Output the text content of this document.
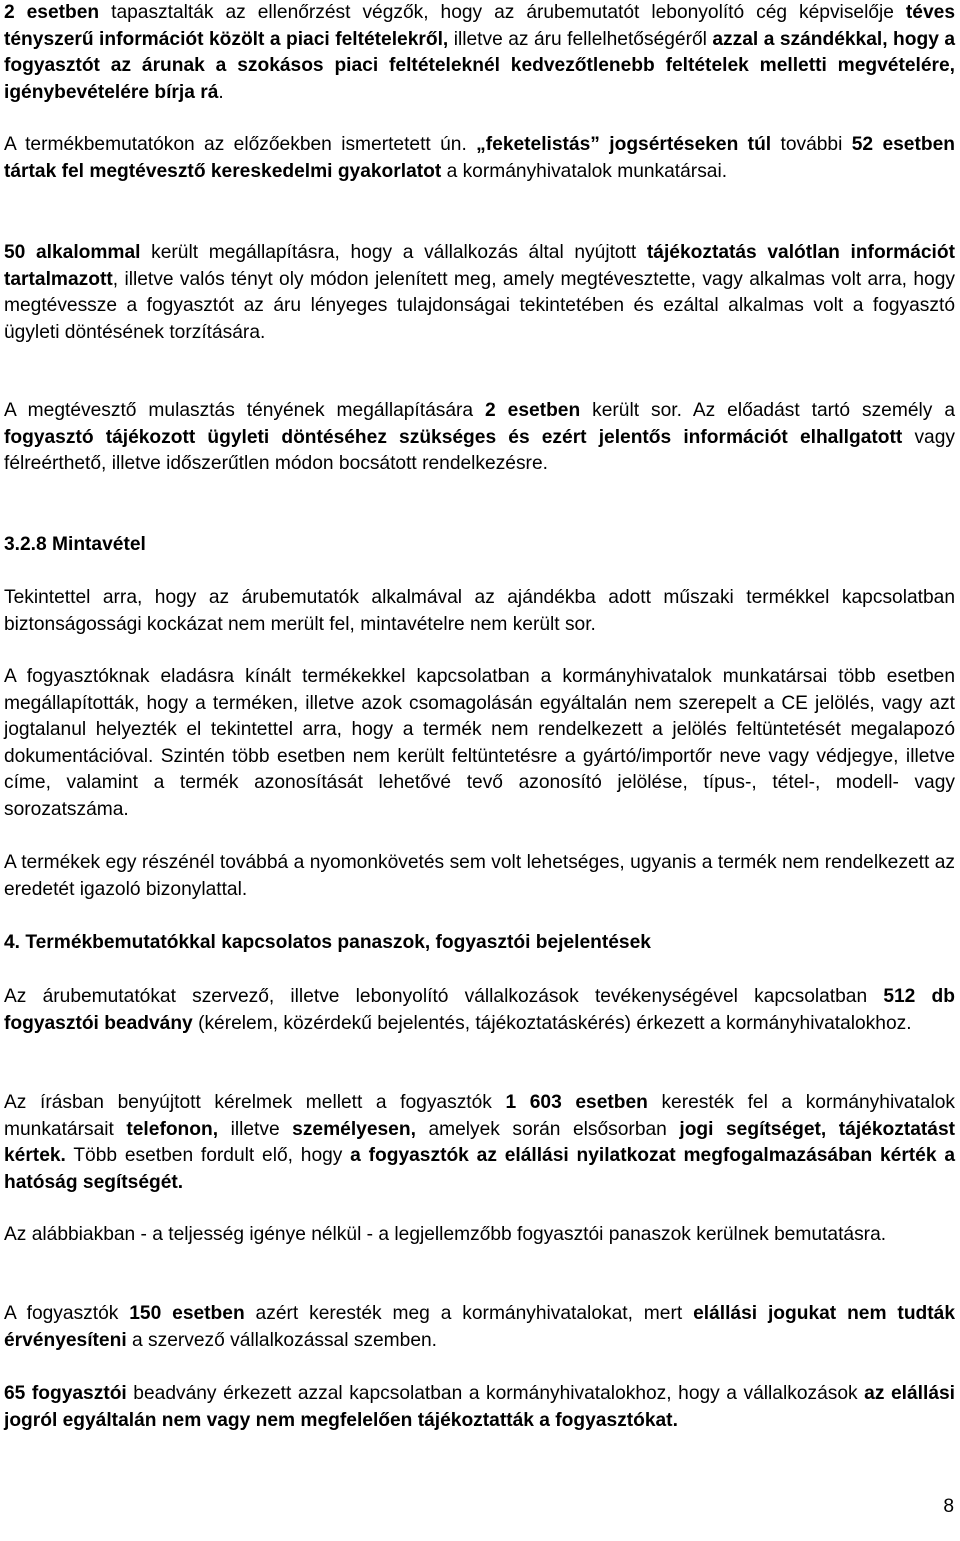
2 esetben tapasztalták az ellenőrzést végzők, hogy az árubemutatót lebonyolító cég képviselője téves tényszerű információt közölt a piaci feltételekről, illetve az áru fellelhetőségéről azzal a szándékkal, hogy a fogyasztót az árunak a szokásos piaci feltételeknél kedvezőtlenebb feltételek melletti megvételére, igénybevételére bírja rá.
A termékbemutatókon az előzőekben ismertetett ún. „feketelistás” jogsértéseken túl további 52 esetben tártak fel megtévesztő kereskedelmi gyakorlatot a kormányhivatalok munkatársai.
50 alkalommal került megállapításra, hogy a vállalkozás által nyújtott tájékoztatás valótlan információt tartalmazott, illetve valós tényt oly módon jelenített meg, amely megtévesztette, vagy alkalmas volt arra, hogy megtévessze a fogyasztót az áru lényeges tulajdonságai tekintetében és ezáltal alkalmas volt a fogyasztó ügyleti döntésének torzítására.
A megtévesztő mulasztás tényének megállapítására 2 esetben került sor. Az előadást tartó személy a fogyasztó tájékozott ügyleti döntéséhez szükséges és ezért jelentős információt elhallgatott vagy félreérthető, illetve időszerűtlen módon bocsátott rendelkezésre.
3.2.8 Mintavétel
Tekintettel arra, hogy az árubemutatók alkalmával az ajándékba adott műszaki termékkel kapcsolatban biztonságossági kockázat nem merült fel, mintavételre nem került sor.
A fogyasztóknak eladásra kínált termékekkel kapcsolatban a kormányhivatalok munkatársai több esetben megállapították, hogy a terméken, illetve azok csomagolásán egyáltalán nem szerepelt a CE jelölés, vagy azt jogtalanul helyezték el tekintettel arra, hogy a termék nem rendelkezett a jelölés feltüntetését megalapozó dokumentációval. Szintén több esetben nem került feltüntetésre a gyártó/importőr neve vagy védjegye, illetve címe, valamint a termék azonosítását lehetővé tevő azonosító jelölése, típus-, tétel-, modell- vagy sorozatszáma.
A termékek egy részénél továbbá a nyomonkövetés sem volt lehetséges, ugyanis a termék nem rendelkezett az eredetét igazoló bizonylattal.
4. Termékbemutatókkal kapcsolatos panaszok, fogyasztói bejelentések
Az árubemutatókat szervező, illetve lebonyolító vállalkozások tevékenységével kapcsolatban 512 db fogyasztói beadvány (kérelem, közérdekű bejelentés, tájékoztatáskérés) érkezett a kormányhivatalokhoz.
Az írásban benyújtott kérelmek mellett a fogyasztók 1 603 esetben keresték fel a kormányhivatalok munkatársait telefonon, illetve személyesen, amelyek során elsősorban jogi segítséget, tájékoztatást kértek. Több esetben fordult elő, hogy a fogyasztók az elállási nyilatkozat megfogalmazásában kérték a hatóság segítségét.
Az alábbiakban - a teljesség igénye nélkül - a legjellemzőbb fogyasztói panaszok kerülnek bemutatásra.
A fogyasztók 150 esetben azért keresték meg a kormányhivatalokat, mert elállási jogukat nem tudták érvényesíteni a szervező vállalkozással szemben.
65 fogyasztói beadvány érkezett azzal kapcsolatban a kormányhivatalokhoz, hogy a vállalkozások az elállási jogról egyáltalán nem vagy nem megfelelően tájékoztatták a fogyasztókat.
8
